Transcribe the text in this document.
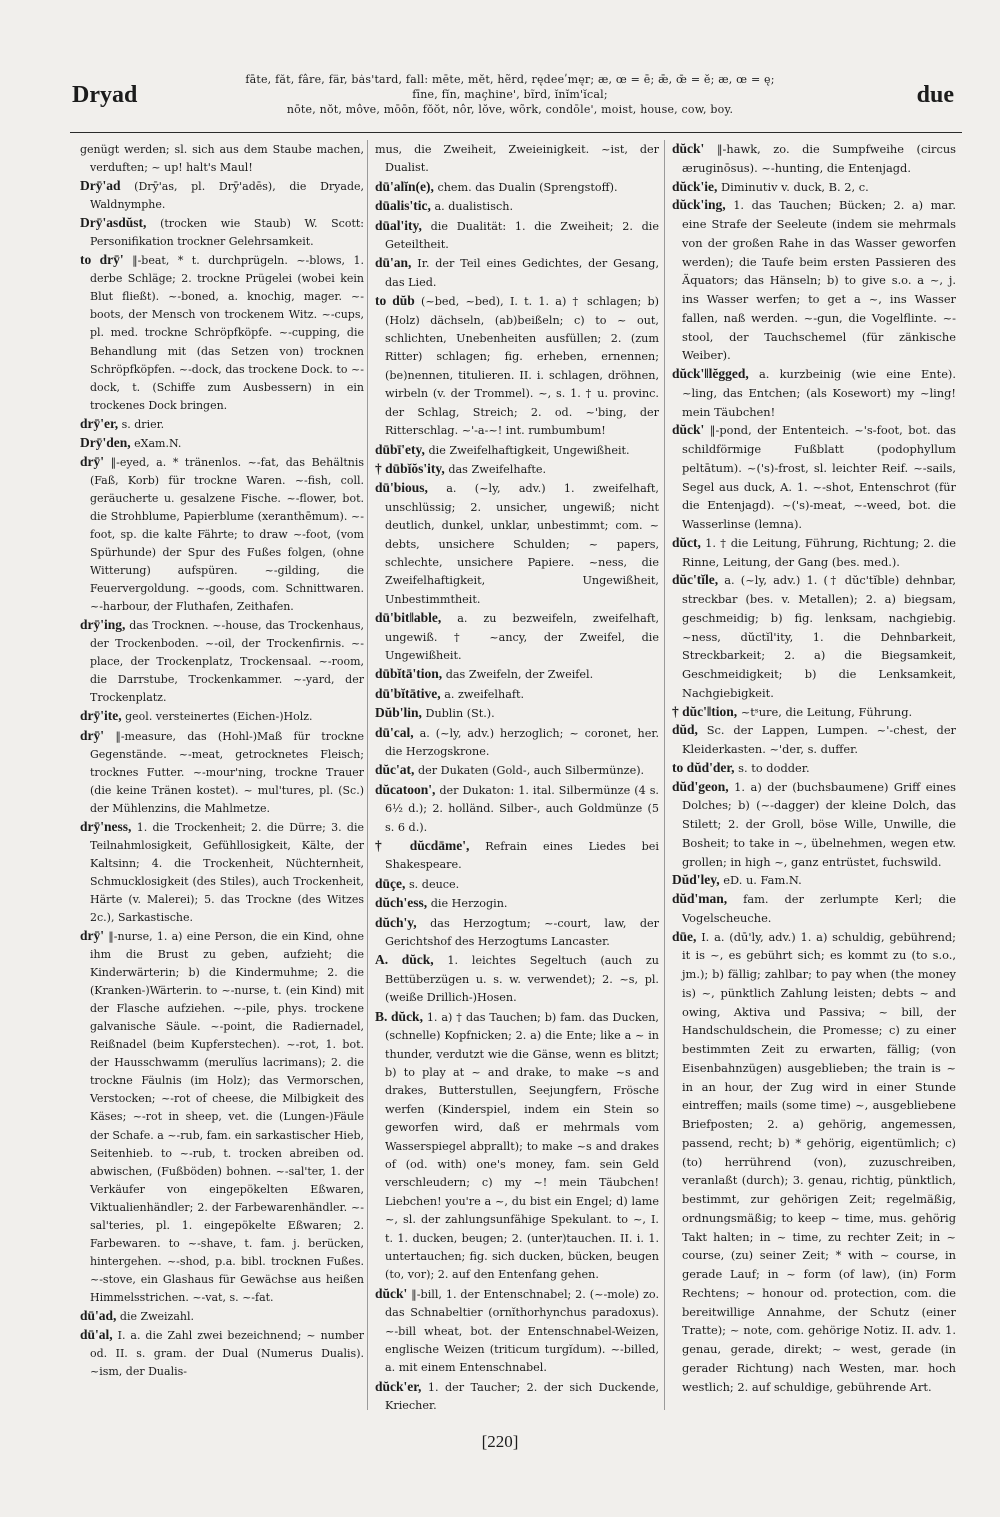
Dryad
fāte, făt, fâre, fär, bȧs'tard, fall: mēte, mĕt, hẽrd, rędeeʹmęr; æ, œ = ē; ǣ, œ̄ = ĕ; æ, œ = ę;
fīne, fĭn, maçhine', bĩrd, ĭnĭm'ĭcal;
nōte, nŏt, môve, mōōn, fŏŏt, nôr, lŏve, wõrk, condōle', moist, house, cow, boy.
due

genügt werden; sl. sich aus dem Staube machen, verduften; ~ up! halt's Maul!

Drȳ'ad (Drȳ'as, pl. Drȳ'adēs), die Dryade, Waldnymphe.

Drȳ'asdŭst, (trocken wie Staub) W. Scott: Personifikation trockner Gelehrsamkeit.

to drȳ' ‖-beat, * t. durchprügeln. ~-blows, 1. derbe Schläge; 2. trockne Prügelei (wobei kein Blut fließt). ~-boned, a. knochig, mager. ~-boots, der Mensch von trockenem Witz. ~-cups, pl. med. trockne Schröpfköpfe. ~-cupping, die Behandlung mit (das Setzen von) trocknen Schröpfköpfen. ~-dock, das trockene Dock. to ~-dock, t. (Schiffe zum Ausbessern) in ein trockenes Dock bringen.

drȳ'er, s. drier.

Drȳ'den, eXam.N.

drȳ' ‖-eyed, a. * tränenlos. ~-fat, das Behältnis (Faß, Korb) für trockne Waren. ~-fish, coll. geräucherte u. gesalzene Fische. ~-flower, bot. die Strohblume, Papierblume (xeranthēmum). ~-foot, sp. die kalte Fährte; to draw ~-foot, (vom Spürhunde) der Spur des Fußes folgen, (ohne Witterung) aufspüren. ~-gilding, die Feuervergoldung. ~-goods, com. Schnittwaren. ~-harbour, der Fluthafen, Zeithafen.

drȳ'ing, das Trocknen. ~-house, das Trockenhaus, der Trockenboden. ~-oil, der Trockenfirnis. ~-place, der Trockenplatz, Trockensaal. ~-room, die Darrstube, Trockenkammer. ~-yard, der Trockenplatz.

drȳ'ite, geol. versteinertes (Eichen-)Holz.

drȳ' ‖-measure, das (Hohl-)Maß für trockne Gegenstände. ~-meat, getrocknetes Fleisch; trocknes Futter. ~-mour'ning, trockne Trauer (die keine Tränen kostet). ~ mul'tures, pl. (Sc.) der Mühlenzins, die Mahlmetze.

drȳ'ness, 1. die Trockenheit; 2. die Dürre; 3. die Teilnahmlosigkeit, Gefühllosigkeit, Kälte, der Kaltsinn; 4. die Trockenheit, Nüchternheit, Schmucklosigkeit (des Stiles), auch Trockenheit, Härte (v. Malerei); 5. das Trockne (des Witzes 2c.), Sarkastische.

drȳ' ‖-nurse, 1. a) eine Person, die ein Kind, ohne ihm die Brust zu geben, aufzieht; die Kinderwärterin; b) die Kindermuhme; 2. die (Kranken-)Wärterin. to ~-nurse, t. (ein Kind) mit der Flasche aufziehen. ~-pile, phys. trockene galvanische Säule. ~-point, die Radiernadel, Reißnadel (beim Kupferstechen). ~-rot, 1. bot. der Hausschwamm (merulĭus lacrimans); 2. die trockne Fäulnis (im Holz); das Vermorschen, Verstocken; ~-rot of cheese, die Milbigkeit des Käses; ~-rot in sheep, vet. die (Lungen-)Fäule der Schafe. a ~-rub, fam. ein sarkastischer Hieb, Seitenhieb. to ~-rub, t. trocken abreiben od. abwischen, (Fußböden) bohnen. ~-sal'ter, 1. der Verkäufer von eingepökelten Eßwaren, Viktualienhändler; 2. der Farbewarenhändler. ~-sal'teries, pl. 1. eingepökelte Eßwaren; 2. Farbewaren. to ~-shave, t. fam. j. berücken, hintergehen. ~-shod, p.a. bibl. trocknen Fußes. ~-stove, ein Glashaus für Gewächse aus heißen Himmelsstrichen. ~-vat, s. ~-fat.

dū'ad, die Zweizahl.

dū'al, I. a. die Zahl zwei bezeichnend; ~ number od. II. s. gram. der Dual (Numerus Dualis). ~ism, der Dualis-

mus, die Zweiheit, Zweieinigkeit. ~ist, der Dualist.

dū'alĭn(e), chem. das Dualin (Sprengstoff).

dūalis'tic, a. dualistisch.

dūal'ity, die Dualität: 1. die Zweiheit; 2. die Geteiltheit.

dū'an, Ir. der Teil eines Gedichtes, der Gesang, das Lied.

to dŭb (~bed, ~bed), I. t. 1. a) † schlagen; b) (Holz) dächseln, (ab)beißeln; c) to ~ out, schlichten, Unebenheiten ausfüllen; 2. (zum Ritter) schlagen; fig. erheben, ernennen; (be)nennen, titulieren. II. i. schlagen, dröhnen, wirbeln (v. der Trommel). ~, s. 1. † u. provinc. der Schlag, Streich; 2. od. ~'bing, der Ritterschlag. ~'-a-~! int. rumbumbum!

dūbī'ety, die Zweifelhaftigkeit, Ungewißheit.

† dūbĭŏs'ity, das Zweifelhafte.

dū'bious, a. (~ly, adv.) 1. zweifelhaft, unschlüssig; 2. unsicher, ungewiß; nicht deutlich, dunkel, unklar, unbestimmt; com. ~ debts, unsichere Schulden; ~ papers, schlechte, unsichere Papiere. ~ness, die Zweifelhaftigkeit, Ungewißheit, Unbestimmtheit.

dū'bit‖able, a. zu bezweifeln, zweifelhaft, ungewiß. † ~ancy, der Zweifel, die Ungewißheit.

dūbĭtā'tion, das Zweifeln, der Zweifel.

dū'bĭtātive, a. zweifelhaft.

Dŭb'lin, Dublin (St.).

dū'cal, a. (~ly, adv.) herzoglich; ~ coronet, her. die Herzogskrone.

dŭc'at, der Dukaten (Gold-, auch Silbermünze).

dŭcatoon', der Dukaton: 1. ital. Silbermünze (4 s. 6½ d.); 2. holländ. Silber-, auch Goldmünze (5 s. 6 d.).

† dŭcdāme', Refrain eines Liedes bei Shakespeare.

dūçe, s. deuce.

dŭch'ess, die Herzogin.

dŭch'y, das Herzogtum; ~-court, law, der Gerichtshof des Herzogtums Lancaster.

A. dŭck, 1. leichtes Segeltuch (auch zu Bettüberzügen u. s. w. verwendet); 2. ~s, pl. (weiße Drillich-)Hosen.

B. dŭck, 1. a) † das Tauchen; b) fam. das Ducken, (schnelle) Kopfnicken; 2. a) die Ente; like a ~ in thunder, verdutzt wie die Gänse, wenn es blitzt; b) to play at ~ and drake, to make ~s and drakes, Butterstullen, Seejungfern, Frösche werfen (Kinderspiel, indem ein Stein so geworfen wird, daß er mehrmals vom Wasserspiegel abprallt); to make ~s and drakes of (od. with) one's money, fam. sein Geld verschleudern; c) my ~! mein Täubchen! Liebchen! you're a ~, du bist ein Engel; d) lame ~, sl. der zahlungsunfähige Spekulant. to ~, I. t. 1. ducken, beugen; 2. (unter)tauchen. II. i. 1. untertauchen; fig. sich ducken, bücken, beugen (to, vor); 2. auf den Entenfang gehen.

dŭck' ‖-bill, 1. der Entenschnabel; 2. (~-mole) zo. das Schnabeltier (ornĭthorhynchus paradoxus). ~-bill wheat, bot. der Entenschnabel-Weizen, englische Weizen (triticum turgĭdum). ~-billed, a. mit einem Entenschnabel.

dŭck'er, 1. der Taucher; 2. der sich Duckende, Kriecher.

dŭck' ‖-hawk, zo. die Sumpfweihe (circus æruginōsus). ~-hunting, die Entenjagd.

dŭck'ie, Diminutiv v. duck, B. 2, c.

dŭck'ing, 1. das Tauchen; Bücken; 2. a) mar. eine Strafe der Seeleute (indem sie mehrmals von der großen Rahe in das Wasser geworfen werden); die Taufe beim ersten Passieren des Äquators; das Hänseln; b) to give s.o. a ~, j. ins Wasser werfen; to get a ~, ins Wasser fallen, naß werden. ~-gun, die Vogelflinte. ~-stool, der Tauchschemel (für zänkische Weiber).

dŭck'‖lĕgged, a. kurzbeinig (wie eine Ente). ~ling, das Entchen; (als Kosewort) my ~ling! mein Täubchen!

dŭck' ‖-pond, der Ententeich. ~'s-foot, bot. das schildförmige Fußblatt (podophyllum peltātum). ~('s)-frost, sl. leichter Reif. ~-sails, Segel aus duck, A. 1. ~-shot, Entenschrot (für die Entenjagd). ~('s)-meat, ~-weed, bot. die Wasserlinse (lemna).

dŭct, 1. † die Leitung, Führung, Richtung; 2. die Rinne, Leitung, der Gang (bes. med.).

dŭc'tĭle, a. (~ly, adv.) 1. († dŭc'tĭble) dehnbar, streckbar (bes. v. Metallen); 2. a) biegsam, geschmeidig; b) fig. lenksam, nachgiebig. ~ness, dŭctĭl'ity, 1. die Dehnbarkeit, Streckbarkeit; 2. a) die Biegsamkeit, Geschmeidigkeit; b) die Lenksamkeit, Nachgiebigkeit.

† dŭc'‖tion, ~tˢure, die Leitung, Führung.

dŭd, Sc. der Lappen, Lumpen. ~'-chest, der Kleiderkasten. ~'der, s. duffer.

to dŭd'der, s. to dodder.

dŭd'geon, 1. a) der (buchsbaumene) Griff eines Dolches; b) (~-dagger) der kleine Dolch, das Stilett; 2. der Groll, böse Wille, Unwille, die Bosheit; to take in ~, übelnehmen, wegen etw. grollen; in high ~, ganz entrüstet, fuchswild.

Dŭd'ley, eD. u. Fam.N.

dŭd'man, fam. der zerlumpte Kerl; die Vogelscheuche.

dūe, I. a. (dū'ly, adv.) 1. a) schuldig, gebührend; it is ~, es gebührt sich; es kommt zu (to s.o., jm.); b) fällig; zahlbar; to pay when (the money is) ~, pünktlich Zahlung leisten; debts ~ and owing, Aktiva und Passiva; ~ bill, der Handschuldschein, die Promesse; c) zu einer bestimmten Zeit zu erwarten, fällig; (von Eisenbahnzügen) ausgeblieben; the train is ~ in an hour, der Zug wird in einer Stunde eintreffen; mails (some time) ~, ausgebliebene Briefposten; 2. a) gehörig, angemessen, passend, recht; b) * gehörig, eigentümlich; c) (to) herrührend (von), zuzuschreiben, veranlaßt (durch); 3. genau, richtig, pünktlich, bestimmt, zur gehörigen Zeit; regelmäßig, ordnungsmäßig; to keep ~ time, mus. gehörig Takt halten; in ~ time, zu rechter Zeit; in ~ course, (zu) seiner Zeit; * with ~ course, in gerade Lauf; in ~ form (of law), (in) Form Rechtens; ~ honour od. protection, com. die bereitwillige Annahme, der Schutz (einer Tratte); ~ note, com. gehörige Notiz. II. adv. 1. genau, gerade, direkt; ~ west, gerade (in gerader Richtung) nach Westen, mar. hoch westlich; 2. auf schuldige, gebührende Art.

[220]
